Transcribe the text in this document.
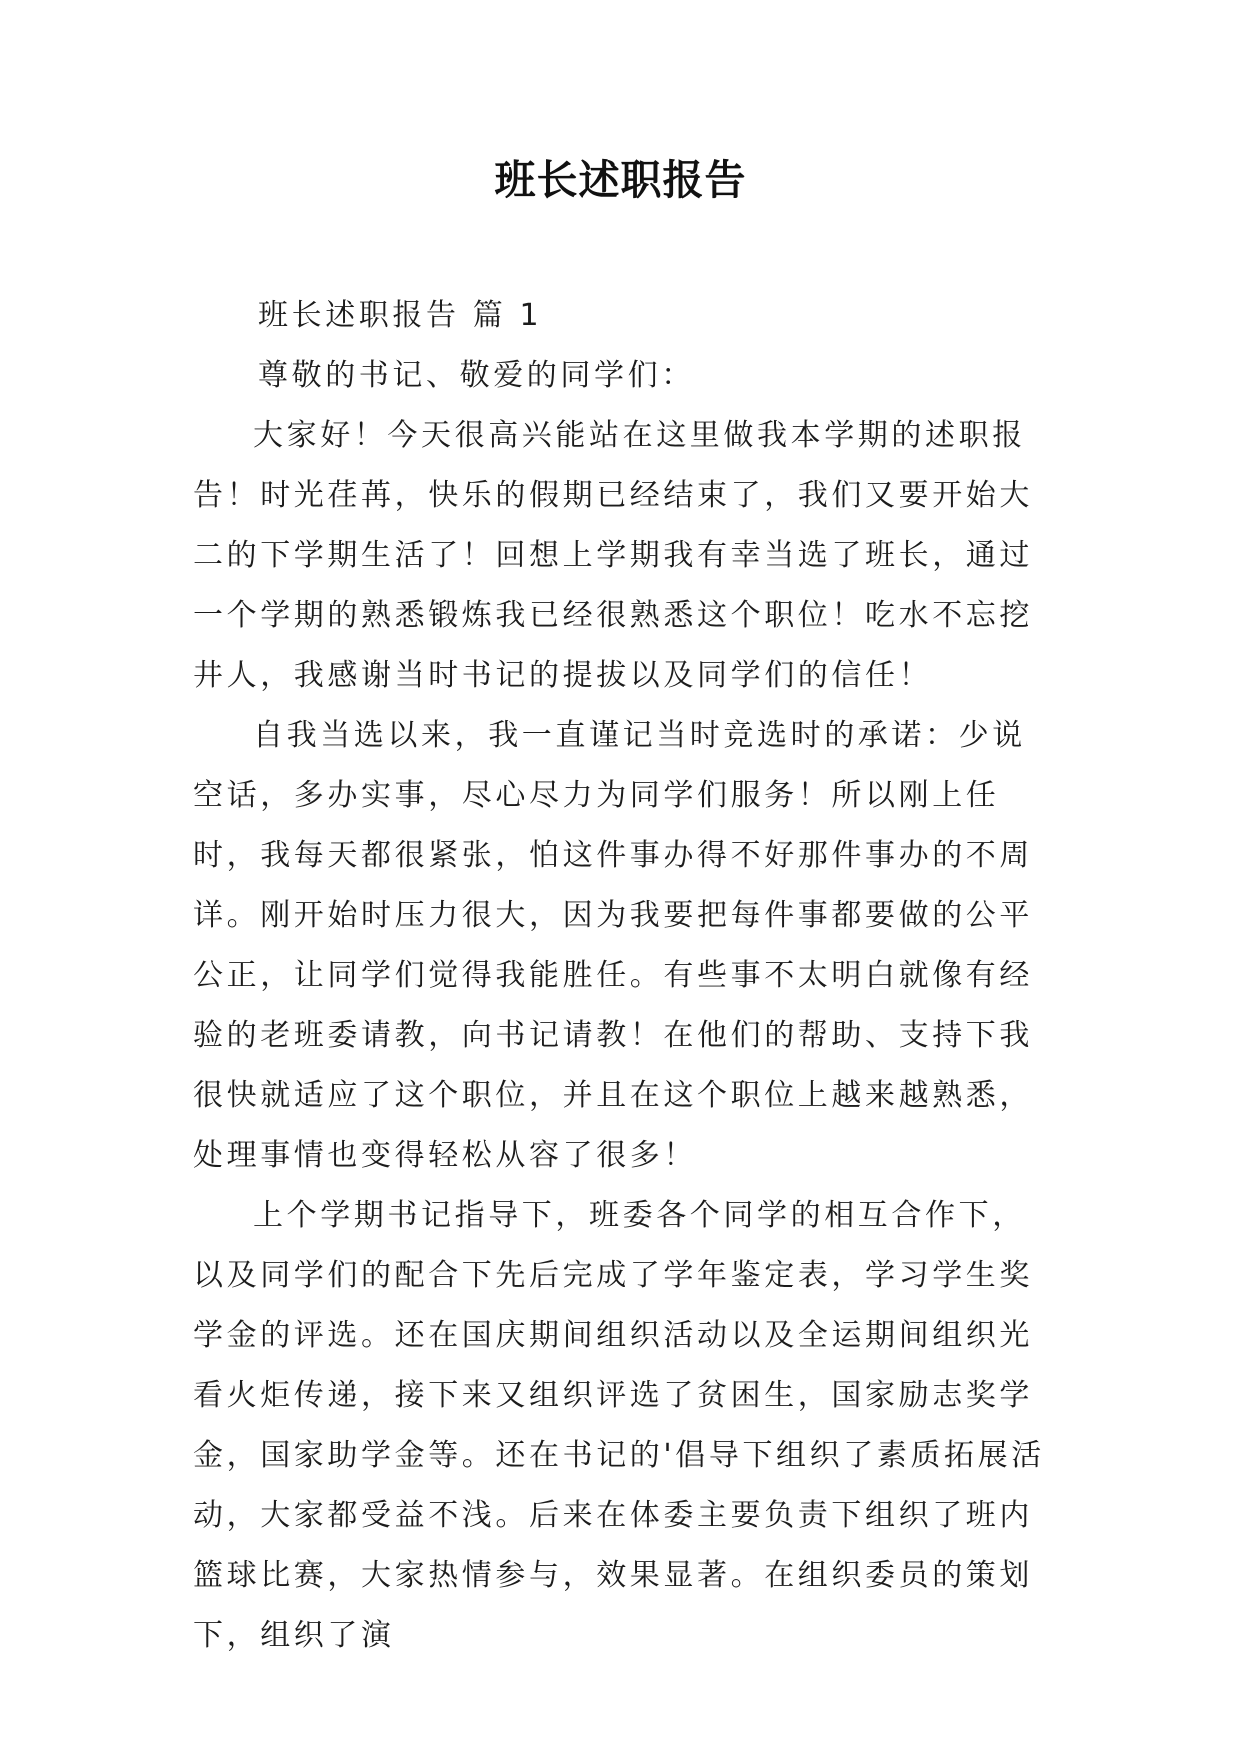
班长述职报告

班长述职报告 篇 1

尊敬的书记、敬爱的同学们：

大家好！今天很高兴能站在这里做我本学期的述职报告！时光荏苒，快乐的假期已经结束了，我们又要开始大二的下学期生活了！回想上学期我有幸当选了班长，通过一个学期的熟悉锻炼我已经很熟悉这个职位！吃水不忘挖井人，我感谢当时书记的提拔以及同学们的信任！

自我当选以来，我一直谨记当时竞选时的承诺：少说空话，多办实事，尽心尽力为同学们服务！所以刚上任时，我每天都很紧张，怕这件事办得不好那件事办的不周详。刚开始时压力很大，因为我要把每件事都要做的公平公正，让同学们觉得我能胜任。有些事不太明白就像有经验的老班委请教，向书记请教！在他们的帮助、支持下我很快就适应了这个职位，并且在这个职位上越来越熟悉，处理事情也变得轻松从容了很多！

上个学期书记指导下，班委各个同学的相互合作下，以及同学们的配合下先后完成了学年鉴定表，学习学生奖学金的评选。还在国庆期间组织活动以及全运期间组织光看火炬传递，接下来又组织评选了贫困生，国家励志奖学金，国家助学金等。还在书记的'倡导下组织了素质拓展活动，大家都受益不浅。后来在体委主要负责下组织了班内篮球比赛，大家热情参与，效果显著。在组织委员的策划下，组织了演
